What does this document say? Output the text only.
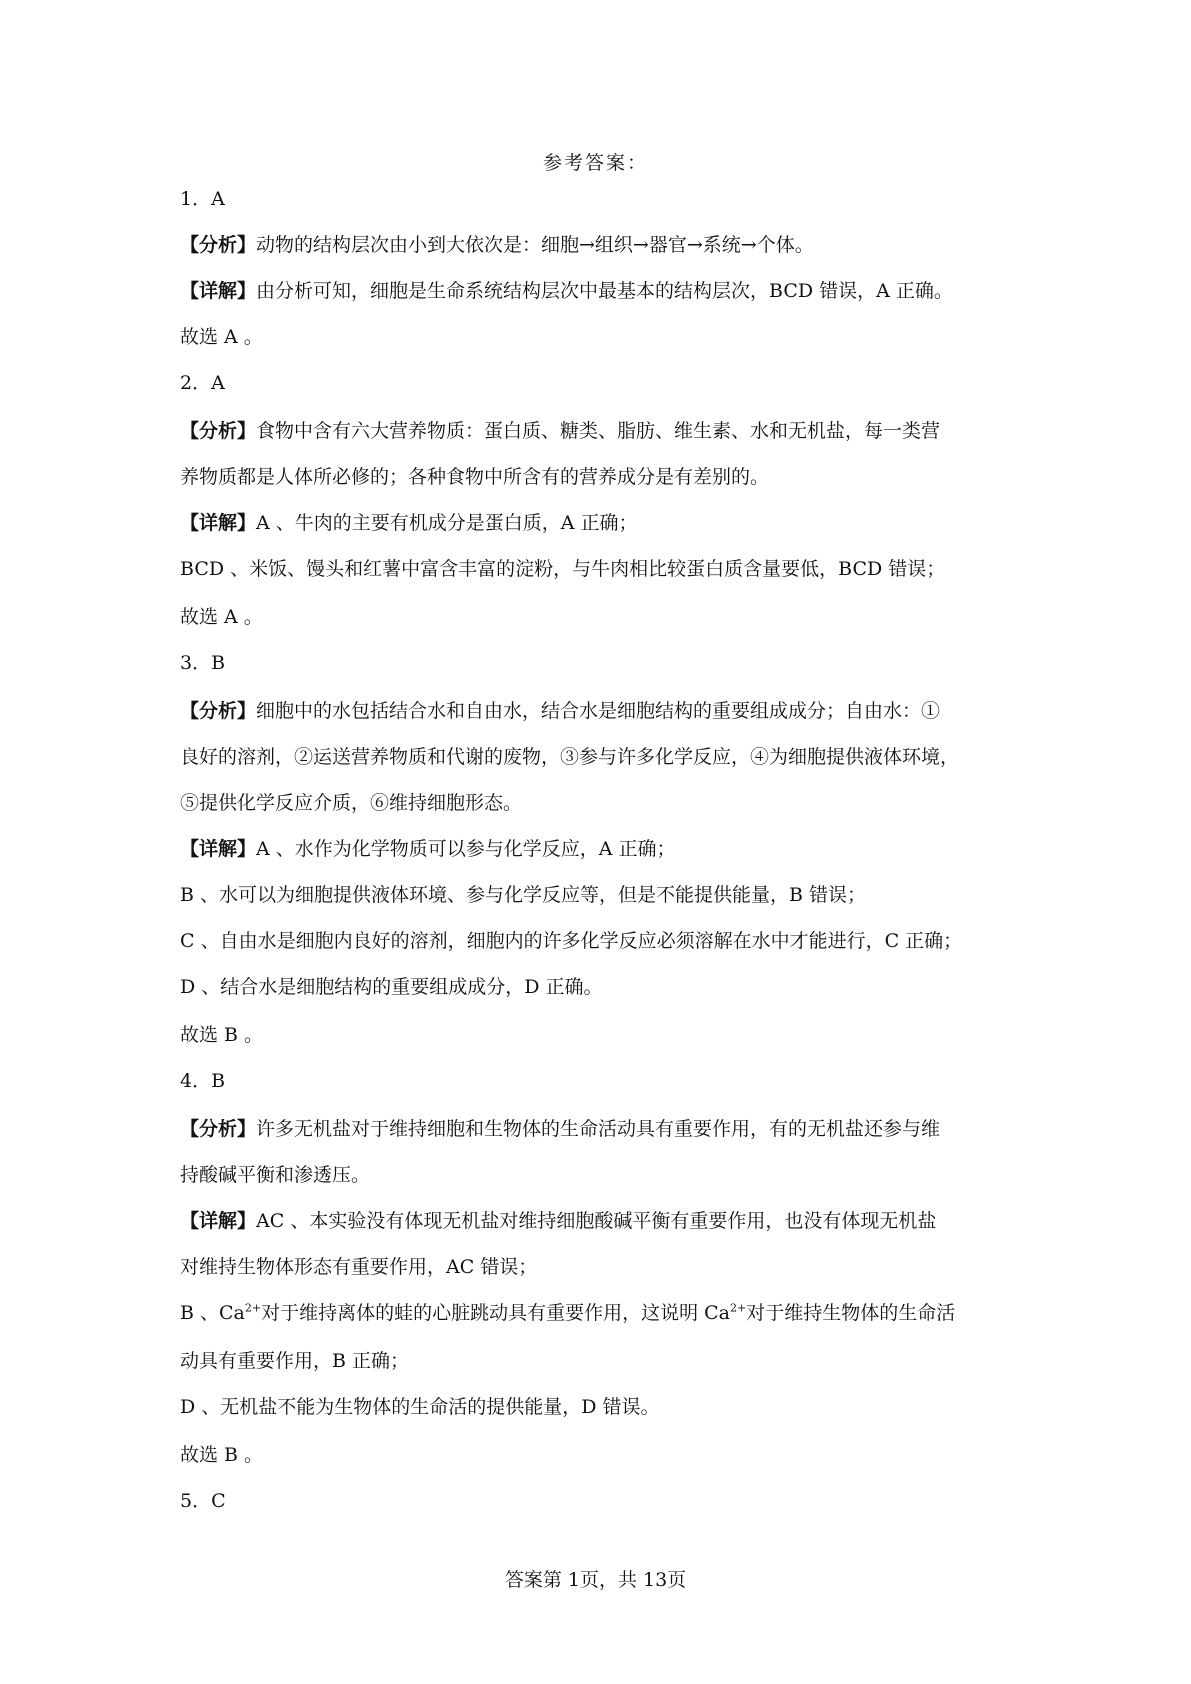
参考答案：

1．A

【分析】动物的结构层次由小到大依次是：细胞→组织→器官→系统→个体。

【详解】由分析可知，细胞是生命系统结构层次中最基本的结构层次，BCD 错误，A 正确。

故选 A 。

2．A

【分析】食物中含有六大营养物质：蛋白质、糖类、脂肪、维生素、水和无机盐，每一类营

养物质都是人体所必修的；各种食物中所含有的营养成分是有差别的。

【详解】A 、牛肉的主要有机成分是蛋白质，A 正确；

BCD 、米饭、馒头和红薯中富含丰富的淀粉，与牛肉相比较蛋白质含量要低，BCD 错误；

故选 A 。

3．B

【分析】细胞中的水包括结合水和自由水，结合水是细胞结构的重要组成成分；自由水：①

良好的溶剂，②运送营养物质和代谢的废物，③参与许多化学反应，④为细胞提供液体环境，

⑤提供化学反应介质，⑥维持细胞形态。

【详解】A 、水作为化学物质可以参与化学反应，A 正确；

B 、水可以为细胞提供液体环境、参与化学反应等，但是不能提供能量，B 错误；

C 、自由水是细胞内良好的溶剂，细胞内的许多化学反应必须溶解在水中才能进行，C 正确；

D 、结合水是细胞结构的重要组成成分，D 正确。

故选 B 。

4．B

【分析】许多无机盐对于维持细胞和生物体的生命活动具有重要作用，有的无机盐还参与维

持酸碱平衡和渗透压。

【详解】AC 、本实验没有体现无机盐对维持细胞酸碱平衡有重要作用，也没有体现无机盐

对维持生物体形态有重要作用，AC 错误；

B 、$Ca^{2+}$对于维持离体的蛙的心脏跳动具有重要作用，这说明 $Ca^{2+}$对于维持生物体的生命活

动具有重要作用，B 正确；

D 、无机盐不能为生物体的生命活的提供能量，D 错误。

故选 B 。

5．C

答案第 1页，共 13页
